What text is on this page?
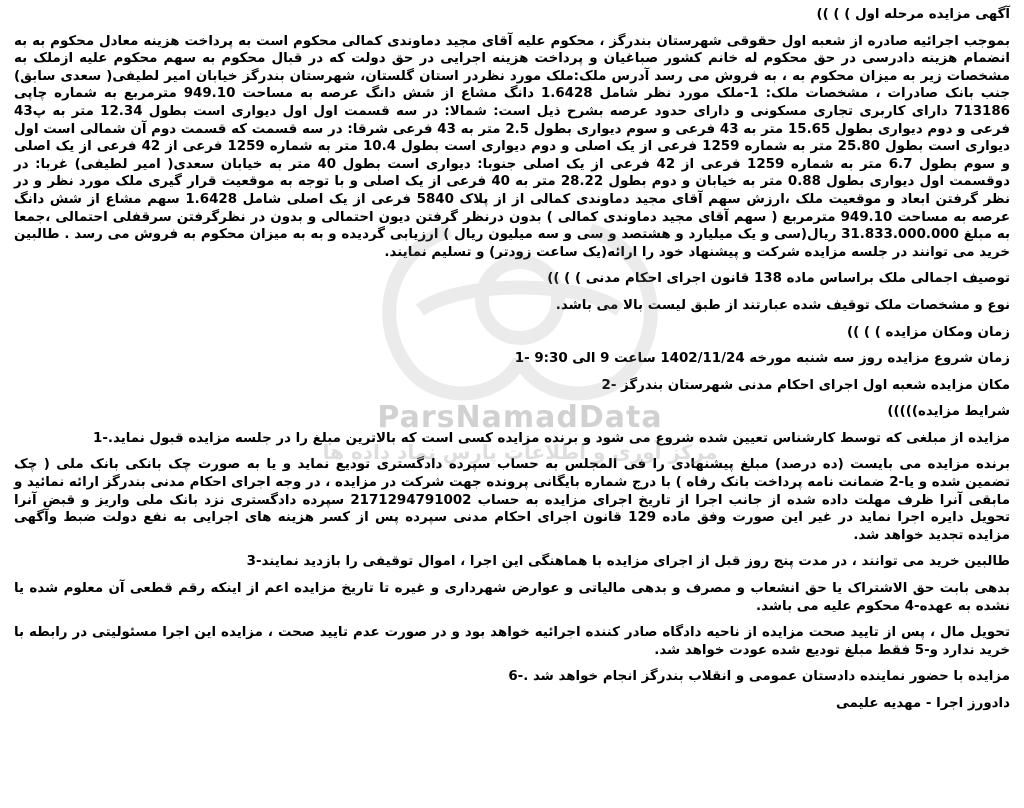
آگهی مزایده مرحله اول ) ) ))
بموجب اجرائیه صادره از شعبه اول حقوقی شهرستان بندرگز ، محکوم علیه آقای مجید دماوندی کمالی محکوم است به پرداخت هزینه معادل محکوم به به انضمام هزینه دادرسی در حق محکوم له خانم کشور صباغیان و پرداخت هزینه اجرایی در حق دولت که در قبال محکوم به سهم محکوم علیه ازملک به مشخصات زیر به میزان محکوم به ، به فروش می رسد آدرس ملک:ملک مورد نظردر استان گلستان، شهرستان بندرگز خیابان امیر لطیفی( سعدی سابق) جنب بانک صادرات ، مشخصات ملک: 1-ملک مورد نظر شامل 1.6428 دانگ مشاع از شش دانگ عرصه به مساحت 949.10 مترمربع به شماره چاپی 713186 دارای کاربری تجاری مسکونی و دارای حدود عرصه بشرح ذیل است: شمالا: در سه قسمت اول اول دیواری است بطول 12.34 متر به پ43 فرعی و دوم دیواری بطول 15.65 متر به 43 فرعی و سوم دیواری بطول 2.5 متر به 43 فرعی شرقا: در سه قسمت که قسمت دوم آن شمالی است اول دیواری است بطول 25.80 متر به شماره 1259 فرعی از یک اصلی و دوم دیواری است بطول 10.4 متر به شماره 1259 فرعی از 42 فرعی از یک اصلی و سوم بطول 6.7 متر به شماره 1259 فرعی از 42 فرعی از یک اصلی جنوبا: دیواری است بطول 40 متر به خیابان سعدی( امیر لطیفی) غربا: در دوقسمت اول دیواری بطول 0.88 متر به خیابان و دوم بطول 28.22 متر به 40 فرعی از یک اصلی و با توجه به موقعیت قرار گیری ملک مورد نظر و در نظر گرفتن ابعاد و موقعیت ملک ،ارزش سهم آقای مجید دماوندی کمالی از از پلاک 5840 فرعی از یک اصلی شامل 1.6428 سهم مشاع از شش دانگ عرصه به مساحت 949.10 مترمربع ( سهم آقای مجید دماوندی کمالی ) بدون درنظر گرفتن دیون احتمالی و بدون در نظرگرفتن سرقفلی احتمالی ،جمعا به مبلغ 31.833.000.000 ریال(سی و یک میلیارد و هشتصد و سی و سه میلیون ریال ) ارزیابی گردیده و به به میزان محکوم به فروش می رسد . طالبین خرید می توانند در جلسه مزایده شرکت و پیشنهاد خود را ارائه(یک ساعت زودتر) و تسلیم نمایند.
توصیف اجمالی ملک براساس ماده 138 قانون اجرای احکام مدنی ) ) ))
نوع و مشخصات ملک توقیف شده عبارتند از طبق لیست بالا می باشد.
زمان ومکان مزایده ) ) ))
زمان شروع مزایده روز سه شنبه مورخه 1402/11/24 ساعت 9 الی 9:30 -1
مکان مزایده شعبه اول اجرای احکام مدنی شهرستان بندرگز -2
شرایط مزایده)))))
مزایده از مبلغی که توسط کارشناس تعیین شده شروع می شود و برنده مزایده کسی است که بالاترین مبلغ را در جلسه مزایده قبول نماید.-1
برنده مزایده می بایست (ده درصد) مبلغ پیشنهادی را فی المجلس به حساب سپرده دادگستری تودیع نماید و یا به صورت چک بانکی بانک ملی ( چک تضمین شده و یا-2 ضمانت نامه پرداخت بانک رفاه ) با درج شماره بایگانی پرونده جهت شرکت در مزایده ، در وجه اجرای احکام مدنی بندرگز ارائه نمائید و مابقی آنرا ظرف مهلت داده شده از جانب اجرا از تاریخ اجرای مزایده به حساب 2171294791002 سپرده دادگستری نزد بانک ملی واریز و قبض آنرا تحویل دایره اجرا نماید در غیر این صورت وفق ماده 129 قانون اجرای احکام مدنی سپرده پس از کسر هزینه های اجرایی به نفع دولت ضبط وآگهی مزایده تجدید خواهد شد.
طالبین خرید می توانند ، در مدت پنج روز قبل از اجرای مزایده با هماهنگی این اجرا ، اموال توقیفی را بازدید نمایند-3
بدهی بابت حق الاشتراک یا حق انشعاب و مصرف و بدهی مالیاتی و عوارض شهرداری و غیره تا تاریخ مزایده اعم از اینکه رقم قطعی آن معلوم شده یا نشده به عهده-4 محکوم علیه می باشد.
تحویل مال ، پس از تایید صحت مزایده از ناحیه دادگاه صادر کننده اجرائیه خواهد بود و در صورت عدم تایید صحت ، مزایده این اجرا مسئولیتی در رابطه با خرید ندارد و-5 فقط مبلغ تودیع شده عودت خواهد شد.
مزایده با حضور نماینده دادستان عمومی و انقلاب بندرگز انجام خواهد شد .-6
دادورز اجرا - مهدیه علیمی
ParsNamadData
مرکز آوری و اطلاعات پارس نماد داده ها
